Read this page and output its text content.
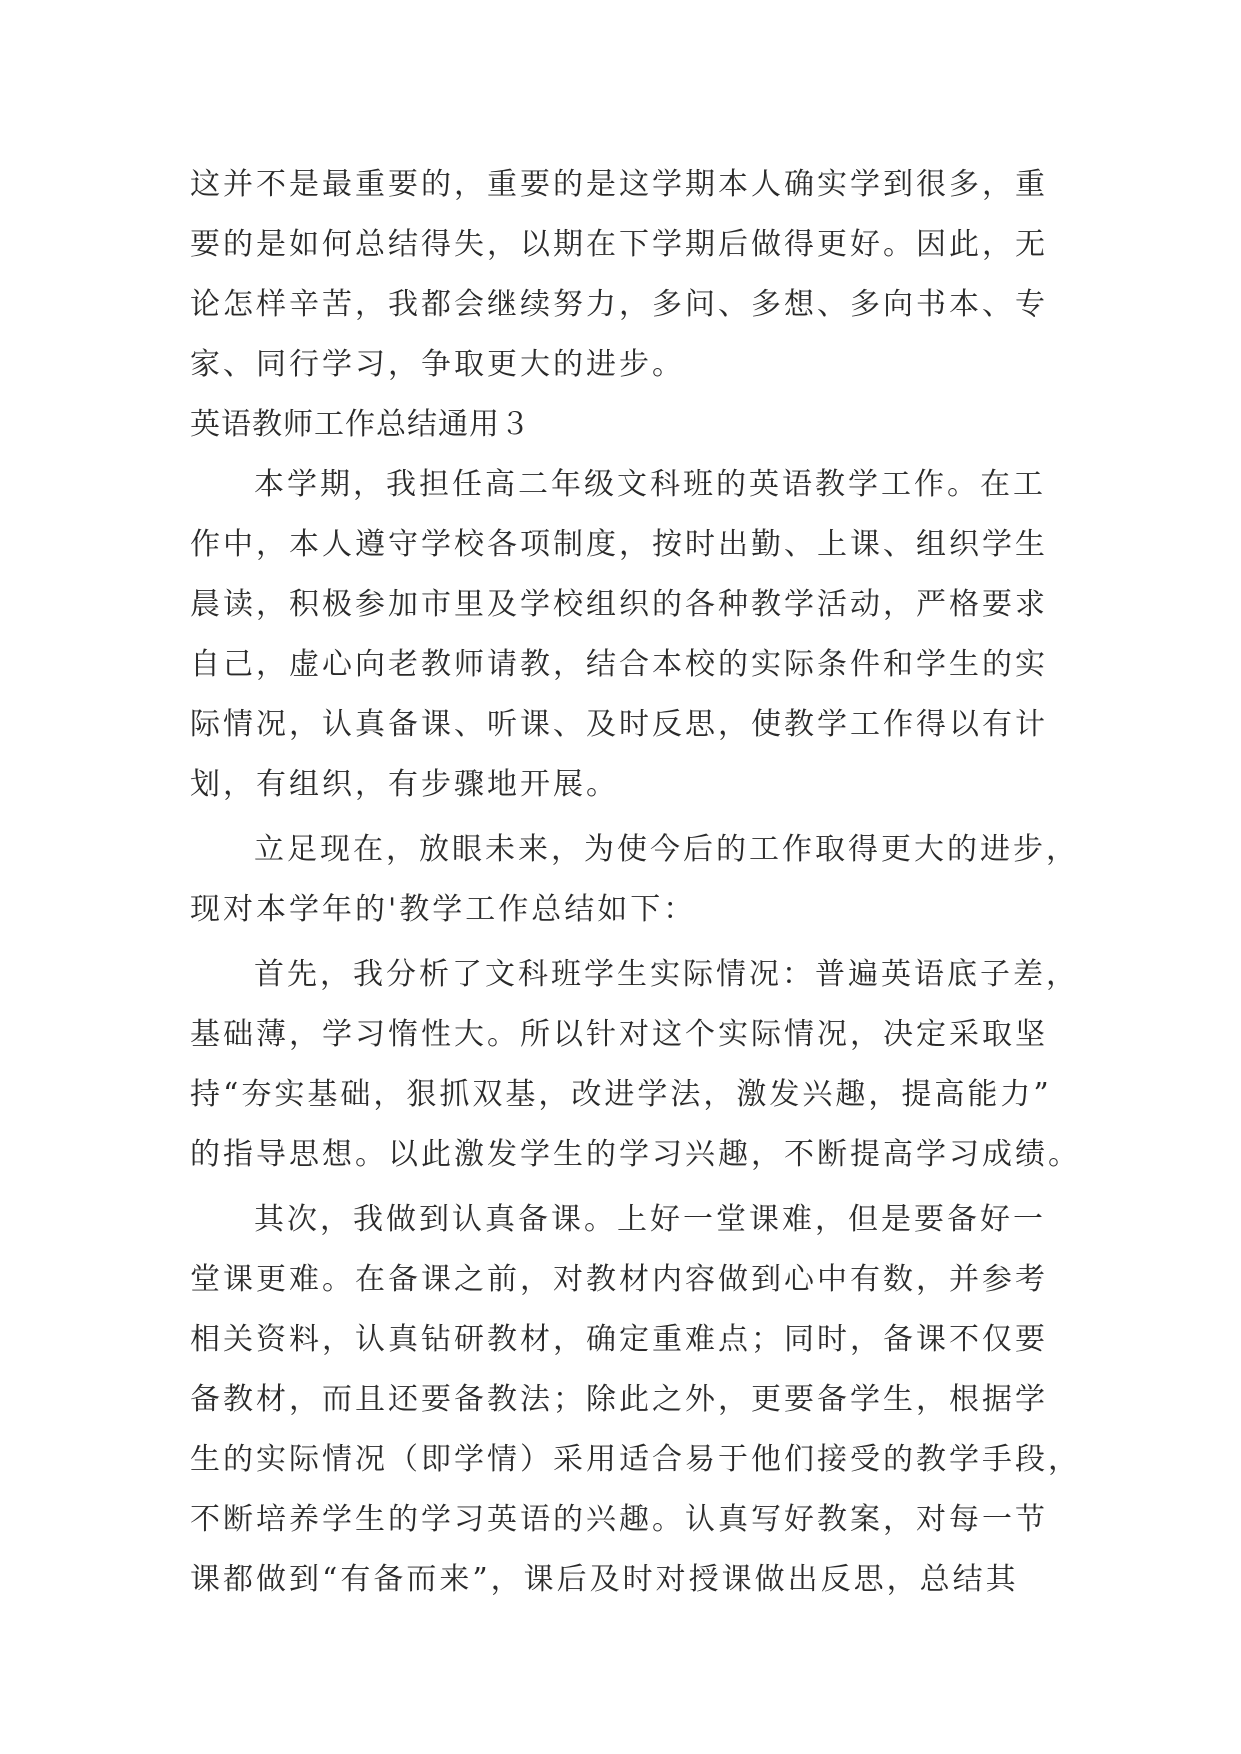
这并不是最重要的，重要的是这学期本人确实学到很多，重
要的是如何总结得失，以期在下学期后做得更好。因此，无
论怎样辛苦，我都会继续努力，多问、多想、多向书本、专
家、同行学习，争取更大的进步。
英语教师工作总结通用３
本学期，我担任高二年级文科班的英语教学工作。在工
作中，本人遵守学校各项制度，按时出勤、上课、组织学生
晨读，积极参加市里及学校组织的各种教学活动，严格要求
自己，虚心向老教师请教，结合本校的实际条件和学生的实
际情况，认真备课、听课、及时反思，使教学工作得以有计
划，有组织，有步骤地开展。
立足现在，放眼未来，为使今后的工作取得更大的进步，
现对本学年的'教学工作总结如下：
首先，我分析了文科班学生实际情况：普遍英语底子差，
基础薄，学习惰性大。所以针对这个实际情况，决定采取坚
持“夯实基础，狠抓双基，改进学法，激发兴趣，提高能力”
的指导思想。以此激发学生的学习兴趣，不断提高学习成绩。
其次，我做到认真备课。上好一堂课难，但是要备好一
堂课更难。在备课之前，对教材内容做到心中有数，并参考
相关资料，认真钻研教材，确定重难点；同时，备课不仅要
备教材，而且还要备教法；除此之外，更要备学生，根据学
生的实际情况（即学情）采用适合易于他们接受的教学手段，
不断培养学生的学习英语的兴趣。认真写好教案，对每一节
课都做到“有备而来”，课后及时对授课做出反思，总结其
